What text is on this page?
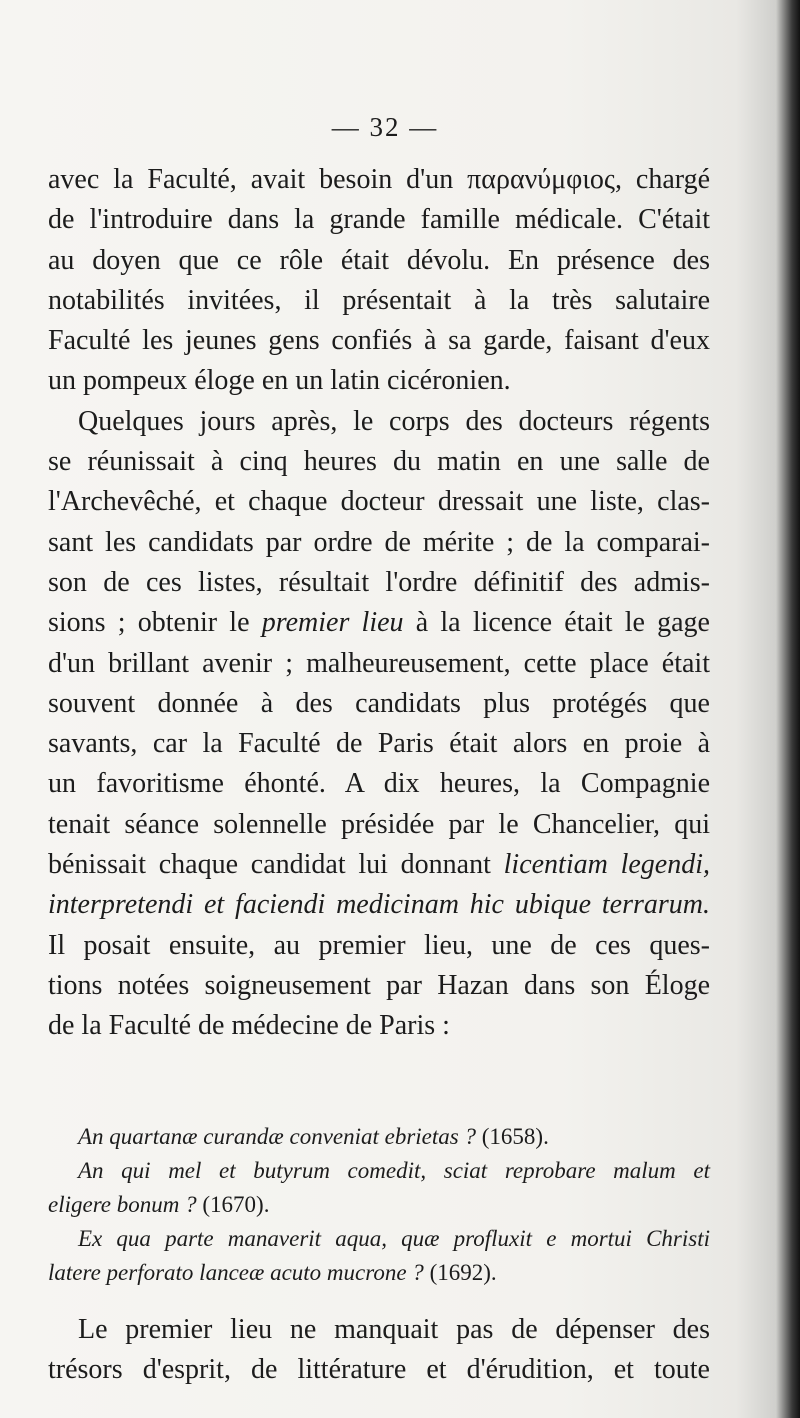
— 32 —
avec la Faculté, avait besoin d'un παρανύμφιος, chargé
de l'introduire dans la grande famille médicale. C'était
au doyen que ce rôle était dévolu. En présence des
notabilités invitées, il présentait à la très salutaire
Faculté les jeunes gens confiés à sa garde, faisant d'eux
un pompeux éloge en un latin cicéronien.
Quelques jours après, le corps des docteurs régents
se réunissait à cinq heures du matin en une salle de
l'Archevêché, et chaque docteur dressait une liste, clas-
sant les candidats par ordre de mérite ; de la comparai-
son de ces listes, résultait l'ordre définitif des admis-
sions ; obtenir le premier lieu à la licence était le gage
d'un brillant avenir ; malheureusement, cette place était
souvent donnée à des candidats plus protégés que
savants, car la Faculté de Paris était alors en proie à
un favoritisme éhonté. A dix heures, la Compagnie
tenait séance solennelle présidée par le Chancelier, qui
bénissait chaque candidat lui donnant licentiam legendi,
interpretendi et faciendi medicinam hic ubique terrarum.
Il posait ensuite, au premier lieu, une de ces ques-
tions notées soigneusement par Hazan dans son Éloge
de la Faculté de médecine de Paris :
An quartanæ curandæ conveniat ebrietas ? (1658).
An qui mel et butyrum comedit, sciat reprobare malum et
eligere bonum ? (1670).
Ex qua parte manaverit aqua, quæ profluxit e mortui Christi
latere perforato lanceæ acuto mucrone ? (1692).
Le premier lieu ne manquait pas de dépenser des
trésors d'esprit, de littérature et d'érudition, et toute
